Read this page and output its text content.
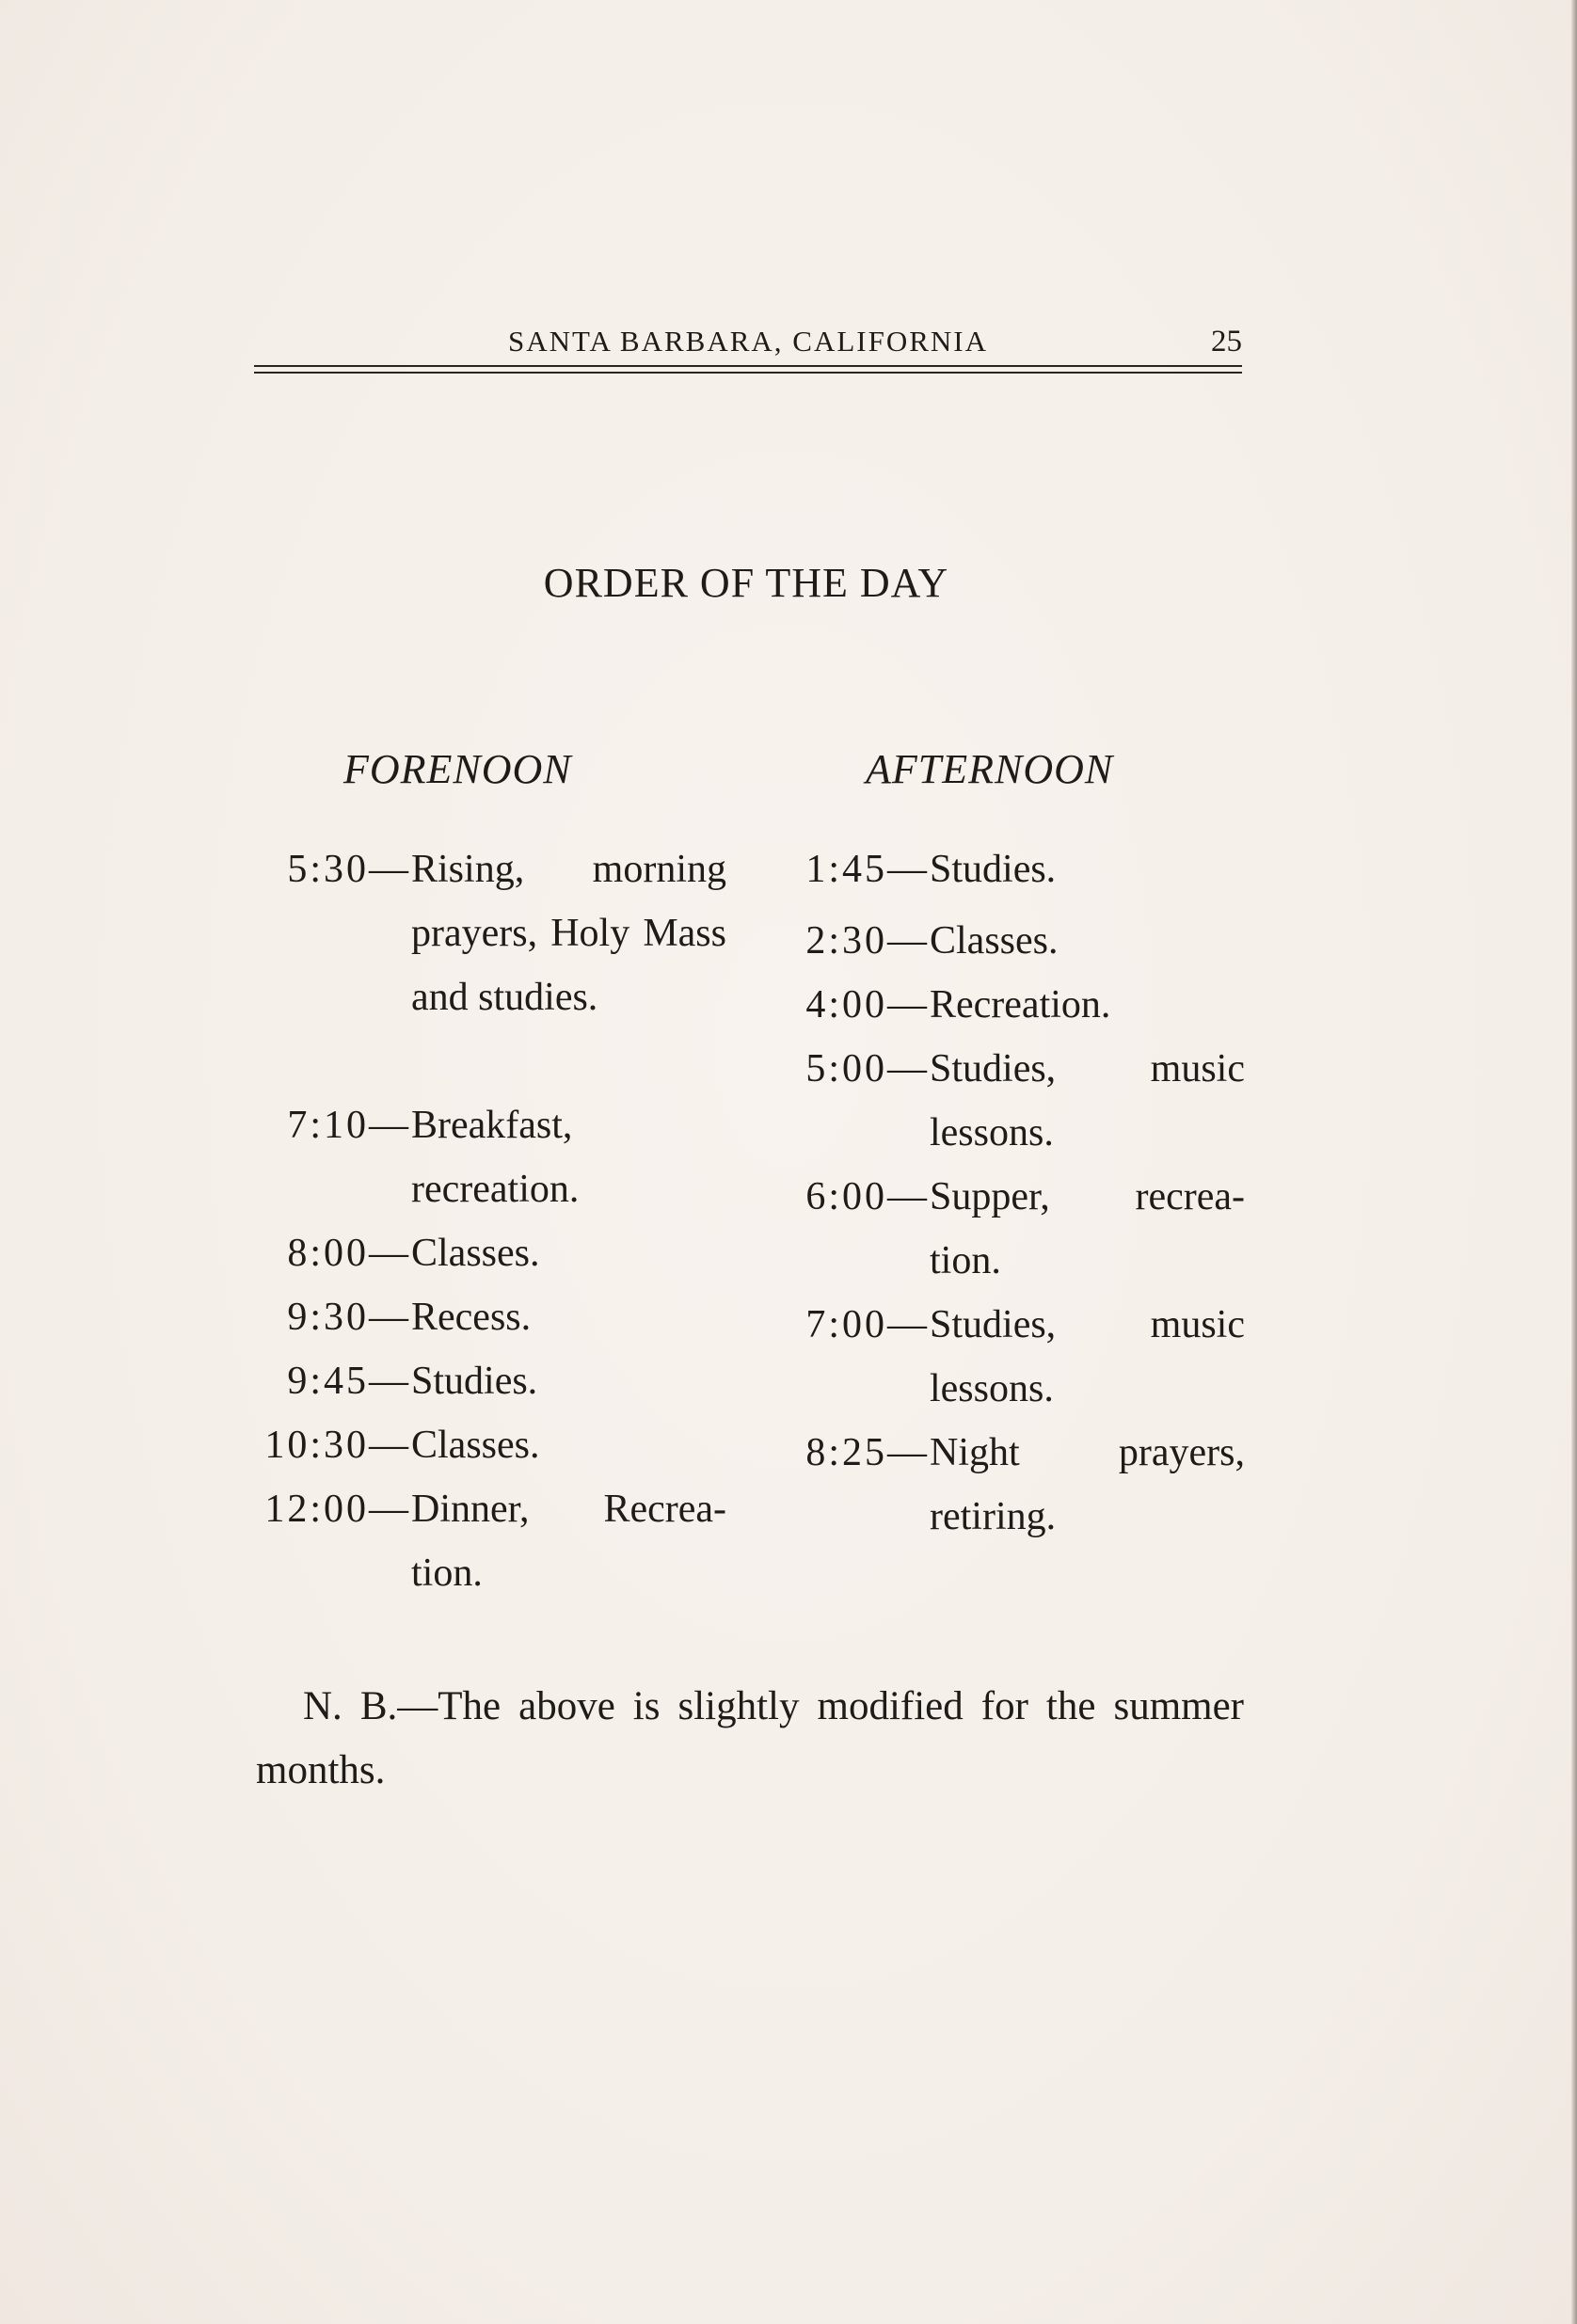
SANTA BARBARA, CALIFORNIA	25
ORDER OF THE DAY
FORENOON	AFTERNOON
5:30— Rising, morning prayers, Holy Mass and studies.
7:10— Breakfast, recreation.
8:00— Classes.
9:30— Recess.
9:45— Studies.
10:30— Classes.
12:00— Dinner, Recrea- tion.
1:45— Studies.
2:30— Classes.
4:00— Recreation.
5:00— Studies, music lessons.
6:00— Supper, recrea- tion.
7:00— Studies, music lessons.
8:25— Night prayers, retiring.
N. B.—The above is slightly modified for the summer months.
